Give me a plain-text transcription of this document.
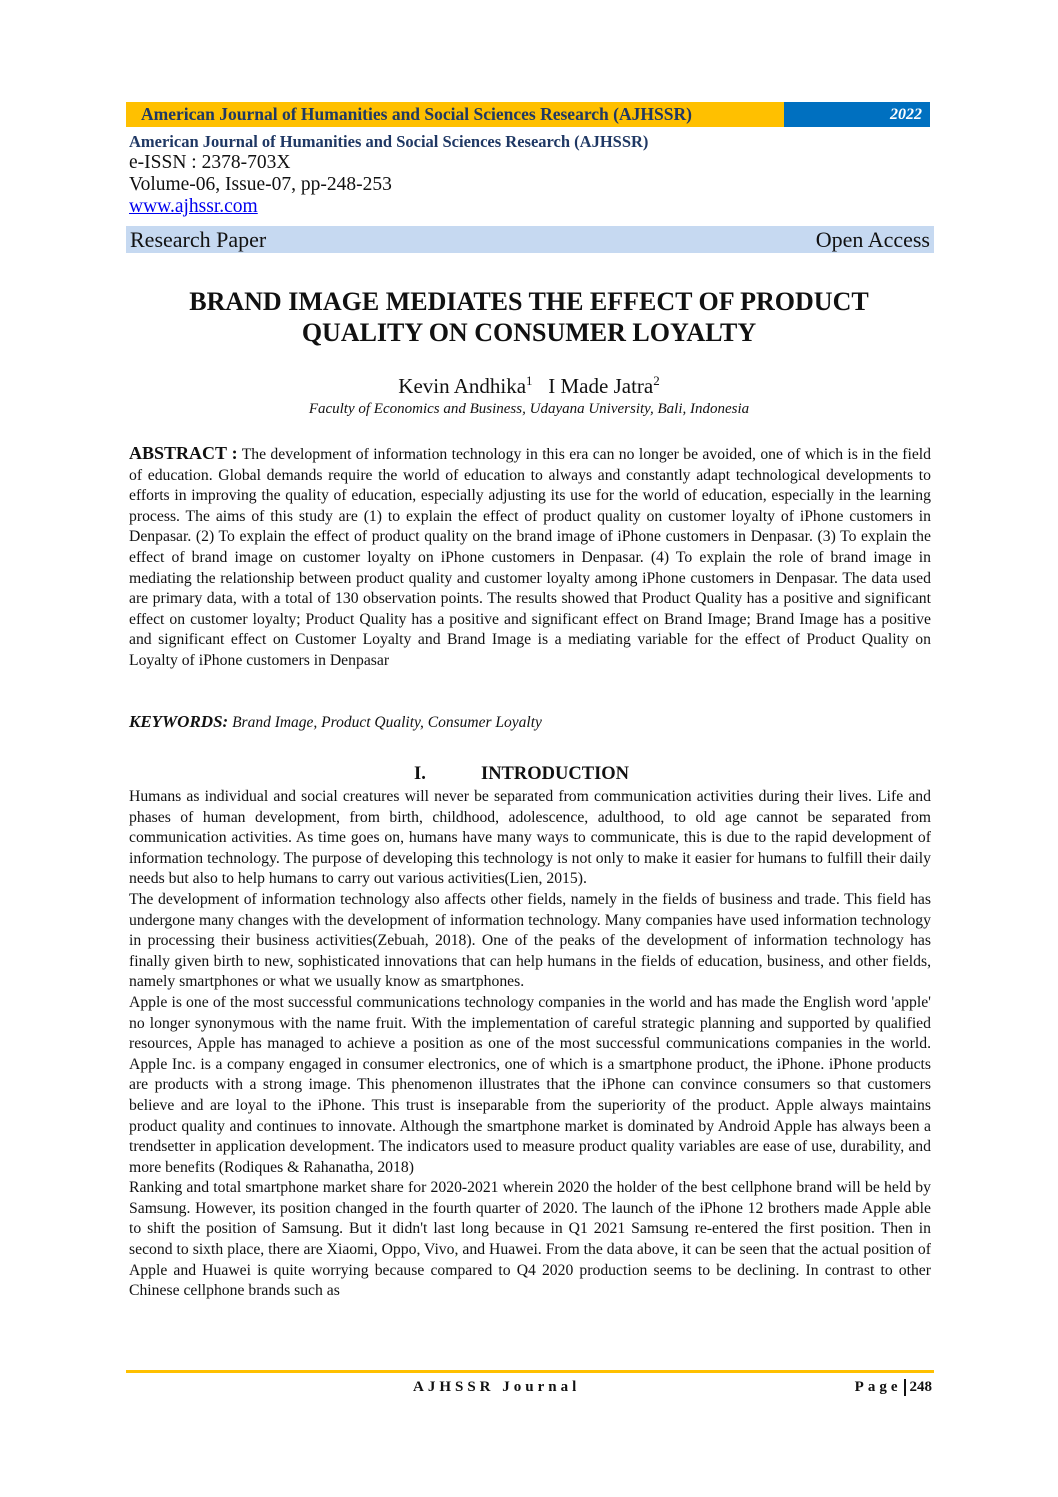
American Journal of Humanities and Social Sciences Research (AJHSSR)	2022
American Journal of Humanities and Social Sciences Research (AJHSSR)
e-ISSN : 2378-703X
Volume-06, Issue-07, pp-248-253
www.ajhssr.com
Research Paper	Open Access
BRAND IMAGE MEDIATES THE EFFECT OF PRODUCT
QUALITY ON CONSUMER LOYALTY
Kevin Andhika$^1$ I Made Jatra$^2$
Faculty of Economics and Business, Udayana University, Bali, Indonesia
ABSTRACT : The development of information technology in this era can no longer be avoided, one of which is in the field of education. Global demands require the world of education to always and constantly adapt technological developments to efforts in improving the quality of education, especially adjusting its use for the world of education, especially in the learning process. The aims of this study are (1) to explain the effect of product quality on customer loyalty of iPhone customers in Denpasar. (2) To explain the effect of product quality on the brand image of iPhone customers in Denpasar. (3) To explain the effect of brand image on customer loyalty on iPhone customers in Denpasar. (4) To explain the role of brand image in mediating the relationship between product quality and customer loyalty among iPhone customers in Denpasar. The data used are primary data, with a total of 130 observation points. The results showed that Product Quality has a positive and significant effect on customer loyalty; Product Quality has a positive and significant effect on Brand Image; Brand Image has a positive and significant effect on Customer Loyalty and Brand Image is a mediating variable for the effect of Product Quality on Loyalty of iPhone customers in Denpasar
KEYWORDS: Brand Image, Product Quality, Consumer Loyalty
I.	INTRODUCTION

Humans as individual and social creatures will never be separated from communication activities during their lives. Life and phases of human development, from birth, childhood, adolescence, adulthood, to old age cannot be separated from communication activities. As time goes on, humans have many ways to communicate, this is due to the rapid development of information technology. The purpose of developing this technology is not only to make it easier for humans to fulfill their daily needs but also to help humans to carry out various activities(Lien, 2015).

The development of information technology also affects other fields, namely in the fields of business and trade. This field has undergone many changes with the development of information technology. Many companies have used information technology in processing their business activities(Zebuah, 2018). One of the peaks of the development of information technology has finally given birth to new, sophisticated innovations that can help humans in the fields of education, business, and other fields, namely smartphones or what we usually know as smartphones.

Apple is one of the most successful communications technology companies in the world and has made the English word 'apple' no longer synonymous with the name fruit. With the implementation of careful strategic planning and supported by qualified resources, Apple has managed to achieve a position as one of the most successful communications companies in the world. Apple Inc. is a company engaged in consumer electronics, one of which is a smartphone product, the iPhone. iPhone products are products with a strong image. This phenomenon illustrates that the iPhone can convince consumers so that customers believe and are loyal to the iPhone. This trust is inseparable from the superiority of the product. Apple always maintains product quality and continues to innovate. Although the smartphone market is dominated by Android Apple has always been a trendsetter in application development. The indicators used to measure product quality variables are ease of use, durability, and more benefits (Rodiques & Rahanatha, 2018)

Ranking and total smartphone market share for 2020-2021 wherein 2020 the holder of the best cellphone brand will be held by Samsung. However, its position changed in the fourth quarter of 2020. The launch of the iPhone 12 brothers made Apple able to shift the position of Samsung. But it didn't last long because in Q1 2021 Samsung re-entered the first position. Then in second to sixth place, there are Xiaomi, Oppo, Vivo, and Huawei. From the data above, it can be seen that the actual position of Apple and Huawei is quite worrying because compared to Q4 2020 production seems to be declining. In contrast to other Chinese cellphone brands such as

AJHSSR Journal	Page 248
